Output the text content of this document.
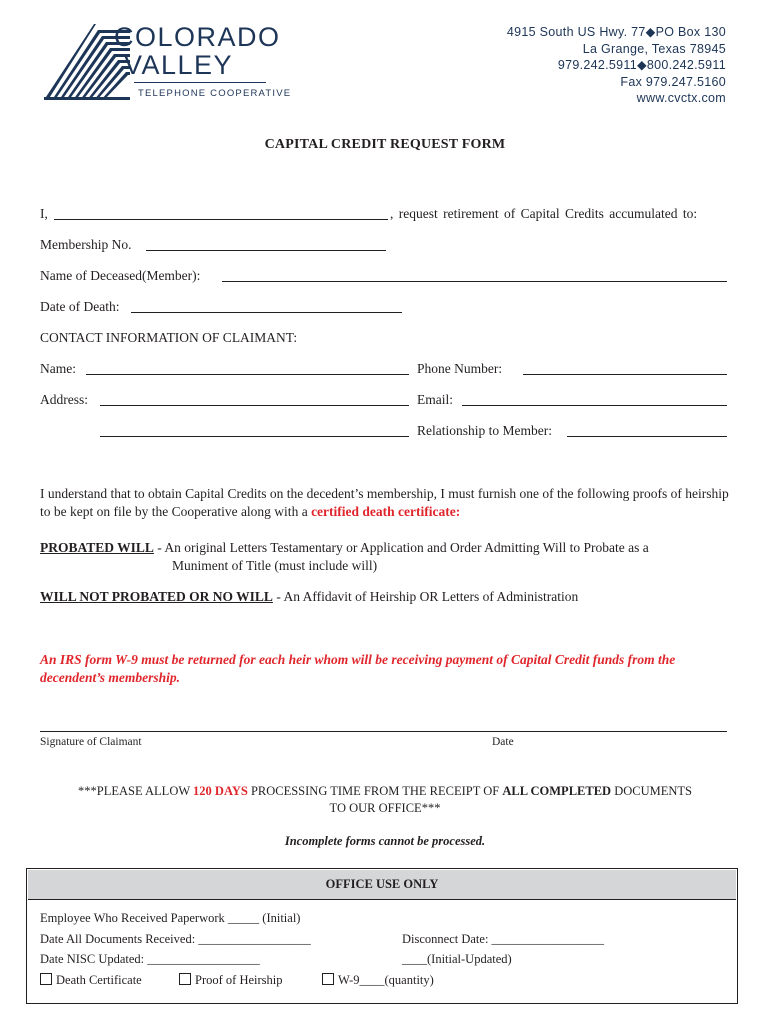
COLORADO
VALLEY
TELEPHONE COOPERATIVE
4915 South US Hwy. 77◆PO Box 130
La Grange, Texas 78945
979.242.5911◆800.242.5911
Fax 979.247.5160
www.cvctx.com
CAPITAL CREDIT REQUEST FORM
I,	, request retirement of Capital Credits accumulated to:
Membership No.
Name of Deceased(Member):
Date of Death:
CONTACT INFORMATION OF CLAIMANT:
Name:	Phone Number:
Address:	Email:
Relationship to Member:
I understand that to obtain Capital Credits on the decedent’s membership, I must furnish one of the following proofs of heirship to be kept on file by the Cooperative along with a certified death certificate:
PROBATED WILL - An original Letters Testamentary or Application and Order Admitting Will to Probate as a
Muniment of Title (must include will)
WILL NOT PROBATED OR NO WILL - An Affidavit of Heirship OR Letters of Administration
An IRS form W-9 must be returned for each heir whom will be receiving payment of Capital Credit funds from the decendent’s membership.
Signature of Claimant	Date
***PLEASE ALLOW 120 DAYS PROCESSING TIME FROM THE RECEIPT OF ALL COMPLETED DOCUMENTS
TO OUR OFFICE***
Incomplete forms cannot be processed.
OFFICE USE ONLY
Employee Who Received Paperwork _____ (Initial)
Date All Documents Received: __________________	Disconnect Date: __________________
Date NISC Updated: __________________	____(Initial-Updated)
Death Certificate	Proof of Heirship	W-9____(quantity)
